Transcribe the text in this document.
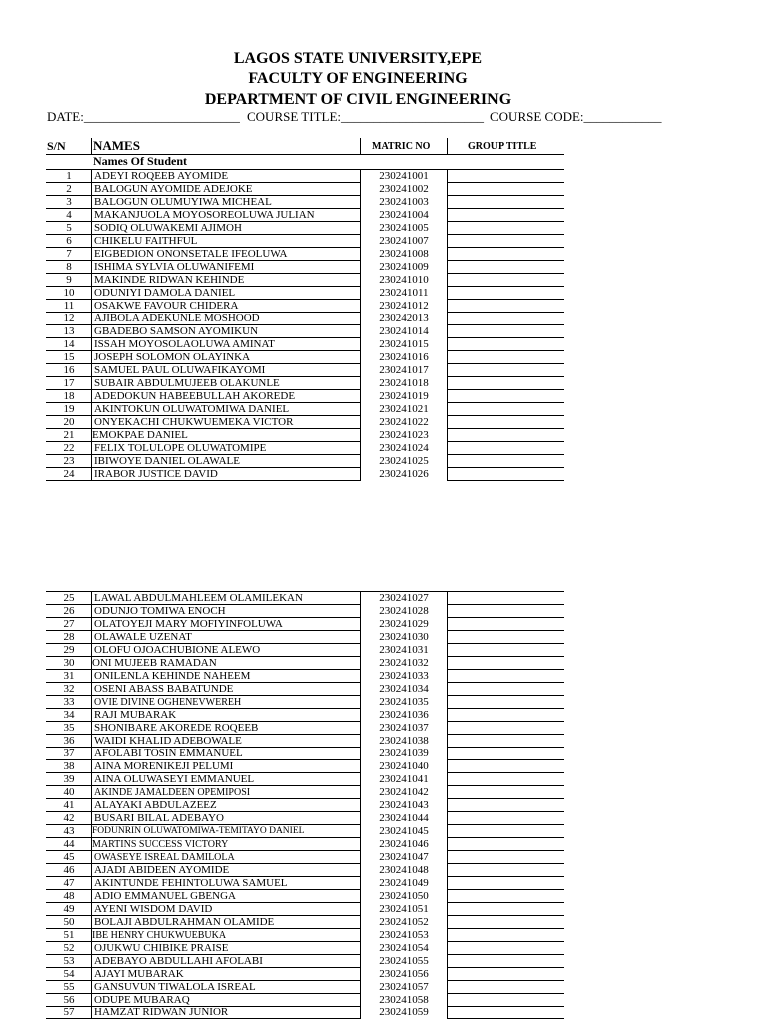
LAGOS STATE UNIVERSITY,EPE
FACULTY OF ENGINEERING
DEPARTMENT OF CIVIL ENGINEERING
DATE:________________________ COURSE TITLE:______________________ COURSE CODE:____________
S/N NAMES	MATRIC NO	GROUP TITLE
Names Of Student
1	ADEYI ROQEEB AYOMIDE	230241001
2	BALOGUN AYOMIDE ADEJOKE	230241002
3	BALOGUN OLUMUYIWA MICHEAL	230241003
4	MAKANJUOLA MOYOSOREOLUWA JULIAN	230241004
5	SODIQ OLUWAKEMI AJIMOH	230241005
6	CHIKELU FAITHFUL	230241007
7	EIGBEDION ONONSETALE IFEOLUWA	230241008
8	ISHIMA SYLVIA OLUWANIFEMI	230241009
9	MAKINDE RIDWAN KEHINDE	230241010
10	ODUNIYI DAMOLA DANIEL	230241011
11	OSAKWE FAVOUR CHIDERA	230241012
12	AJIBOLA ADEKUNLE MOSHOOD	230242013
13	GBADEBO SAMSON AYOMIKUN	230241014
14	ISSAH MOYOSOLAOLUWA AMINAT	230241015
15	JOSEPH SOLOMON OLAYINKA	230241016
16	SAMUEL PAUL OLUWAFIKAYOMI	230241017
17	SUBAIR ABDULMUJEEB OLAKUNLE	230241018
18	ADEDOKUN HABEEBULLAH AKOREDE	230241019
19	AKINTOKUN OLUWATOMIWA DANIEL	230241021
20	ONYEKACHI CHUKWUEMEKA VICTOR	230241022
21	EMOKPAE DANIEL	230241023
22	FELIX TOLULOPE OLUWATOMIPE	230241024
23	IBIWOYE DANIEL OLAWALE	230241025
24	IRABOR JUSTICE DAVID	230241026
25	LAWAL ABDULMAHLEEM OLAMILEKAN	230241027
26	ODUNJO TOMIWA ENOCH	230241028
27	OLATOYEJI MARY MOFIYINFOLUWA	230241029
28	OLAWALE UZENAT	230241030
29	OLOFU OJOACHUBIONE ALEWO	230241031
30	ONI MUJEEB RAMADAN	230241032
31	ONILENLA KEHINDE NAHEEM	230241033
32	OSENI ABASS BABATUNDE	230241034
33	OVIE DIVINE OGHENEVWEREH	230241035
34	RAJI MUBARAK	230241036
35	SHONIBARE AKOREDE ROQEEB	230241037
36	WAIDI KHALID ADEBOWALE	230241038
37	AFOLABI TOSIN EMMANUEL	230241039
38	AINA MORENIKEJI PELUMI	230241040
39	AINA OLUWASEYI EMMANUEL	230241041
40	AKINDE JAMALDEEN OPEMIPOSI	230241042
41	ALAYAKI ABDULAZEEZ	230241043
42	BUSARI BILAL ADEBAYO	230241044
43	FODUNRIN OLUWATOMIWA-TEMITAYO DANIEL	230241045
44	MARTINS SUCCESS VICTORY	230241046
45	OWASEYE ISREAL DAMILOLA	230241047
46	AJADI ABIDEEN AYOMIDE	230241048
47	AKINTUNDE FEHINTOLUWA SAMUEL	230241049
48	ADIO EMMANUEL GBENGA	230241050
49	AYENI WISDOM DAVID	230241051
50	BOLAJI ABDULRAHMAN OLAMIDE	230241052
51	IBE HENRY CHUKWUEBUKA	230241053
52	OJUKWU CHIBIKE PRAISE	230241054
53	ADEBAYO ABDULLAHI AFOLABI	230241055
54	AJAYI MUBARAK	230241056
55	GANSUVUN TIWALOLA ISREAL	230241057
56	ODUPE MUBARAQ	230241058
57	HAMZAT RIDWAN JUNIOR	230241059
